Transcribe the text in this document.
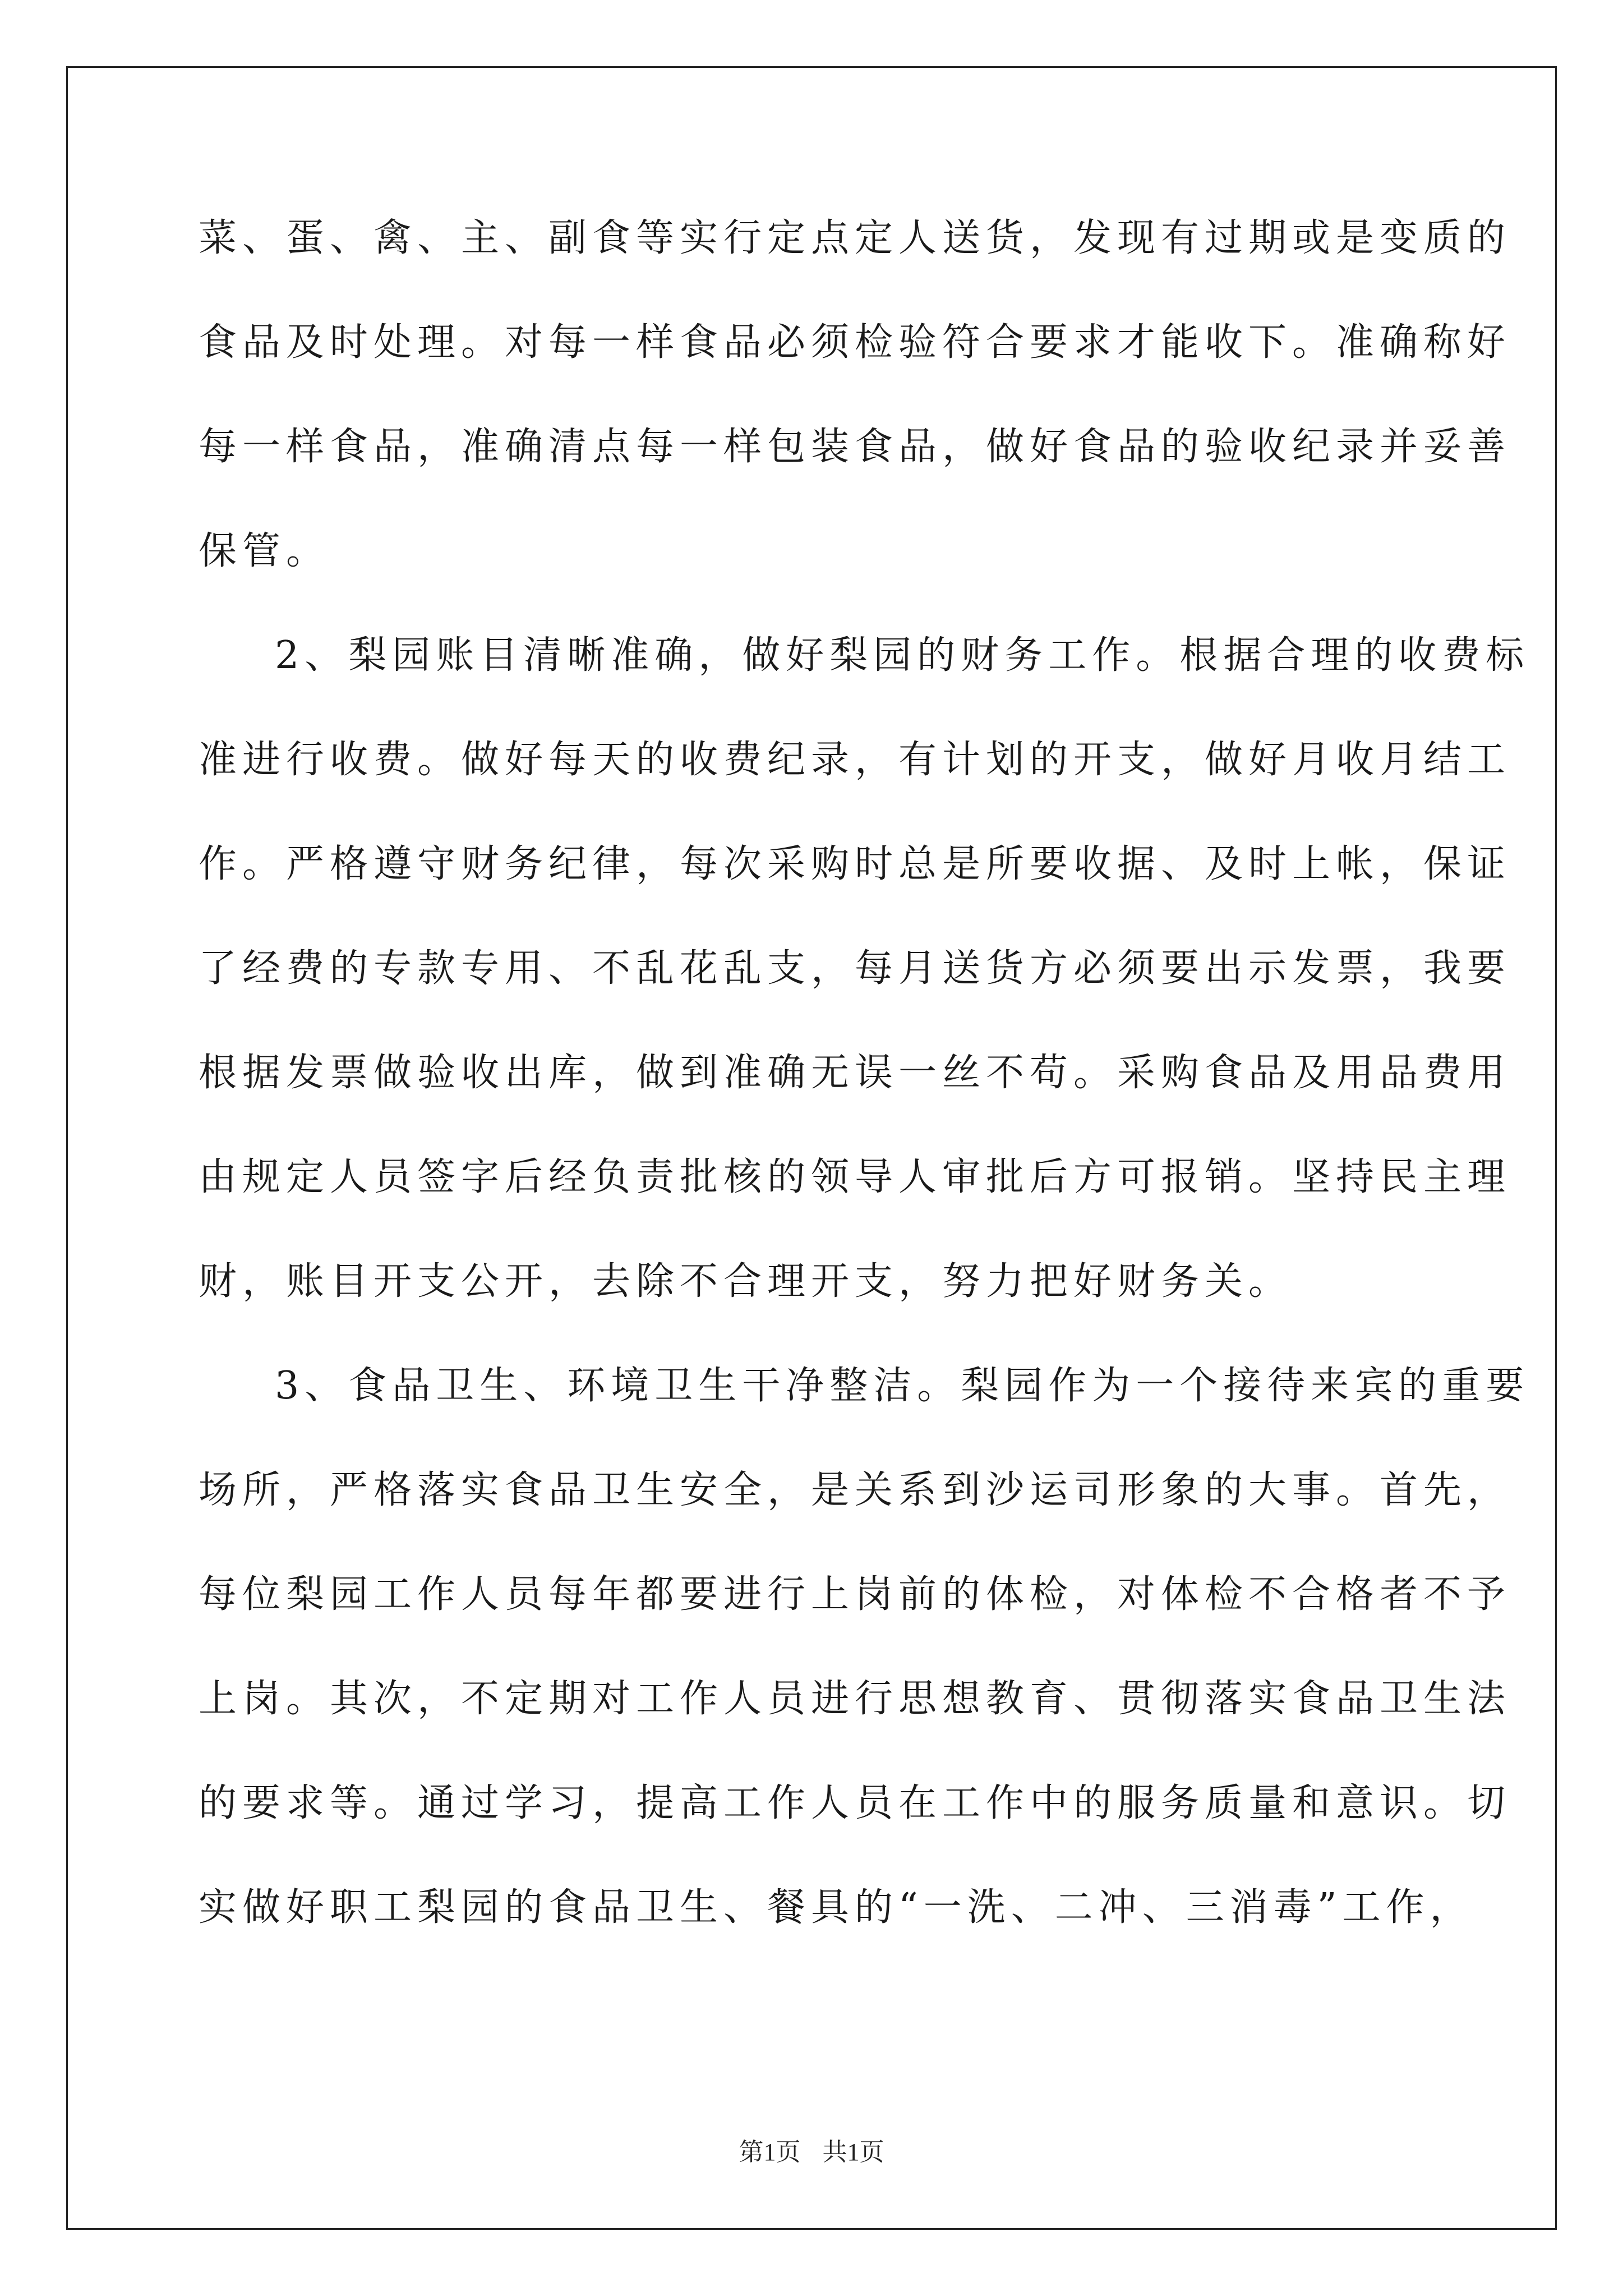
菜、蛋、禽、主、副食等实行定点定人送货，发现有过期或是变质的
食品及时处理。对每一样食品必须检验符合要求才能收下。准确称好
每一样食品，准确清点每一样包装食品，做好食品的验收纪录并妥善
保管。
2、梨园账目清晰准确，做好梨园的财务工作。根据合理的收费标
准进行收费。做好每天的收费纪录，有计划的开支，做好月收月结工
作。严格遵守财务纪律，每次采购时总是所要收据、及时上帐，保证
了经费的专款专用、不乱花乱支，每月送货方必须要出示发票，我要
根据发票做验收出库，做到准确无误一丝不苟。采购食品及用品费用
由规定人员签字后经负责批核的领导人审批后方可报销。坚持民主理
财，账目开支公开，去除不合理开支，努力把好财务关。
3、食品卫生、环境卫生干净整洁。梨园作为一个接待来宾的重要
场所，严格落实食品卫生安全，是关系到沙运司形象的大事。首先，
每位梨园工作人员每年都要进行上岗前的体检，对体检不合格者不予
上岗。其次，不定期对工作人员进行思想教育、贯彻落实食品卫生法
的要求等。通过学习，提高工作人员在工作中的服务质量和意识。切
实做好职工梨园的食品卫生、餐具的“一洗、二冲、三消毒”工作，
第1页 共1页
